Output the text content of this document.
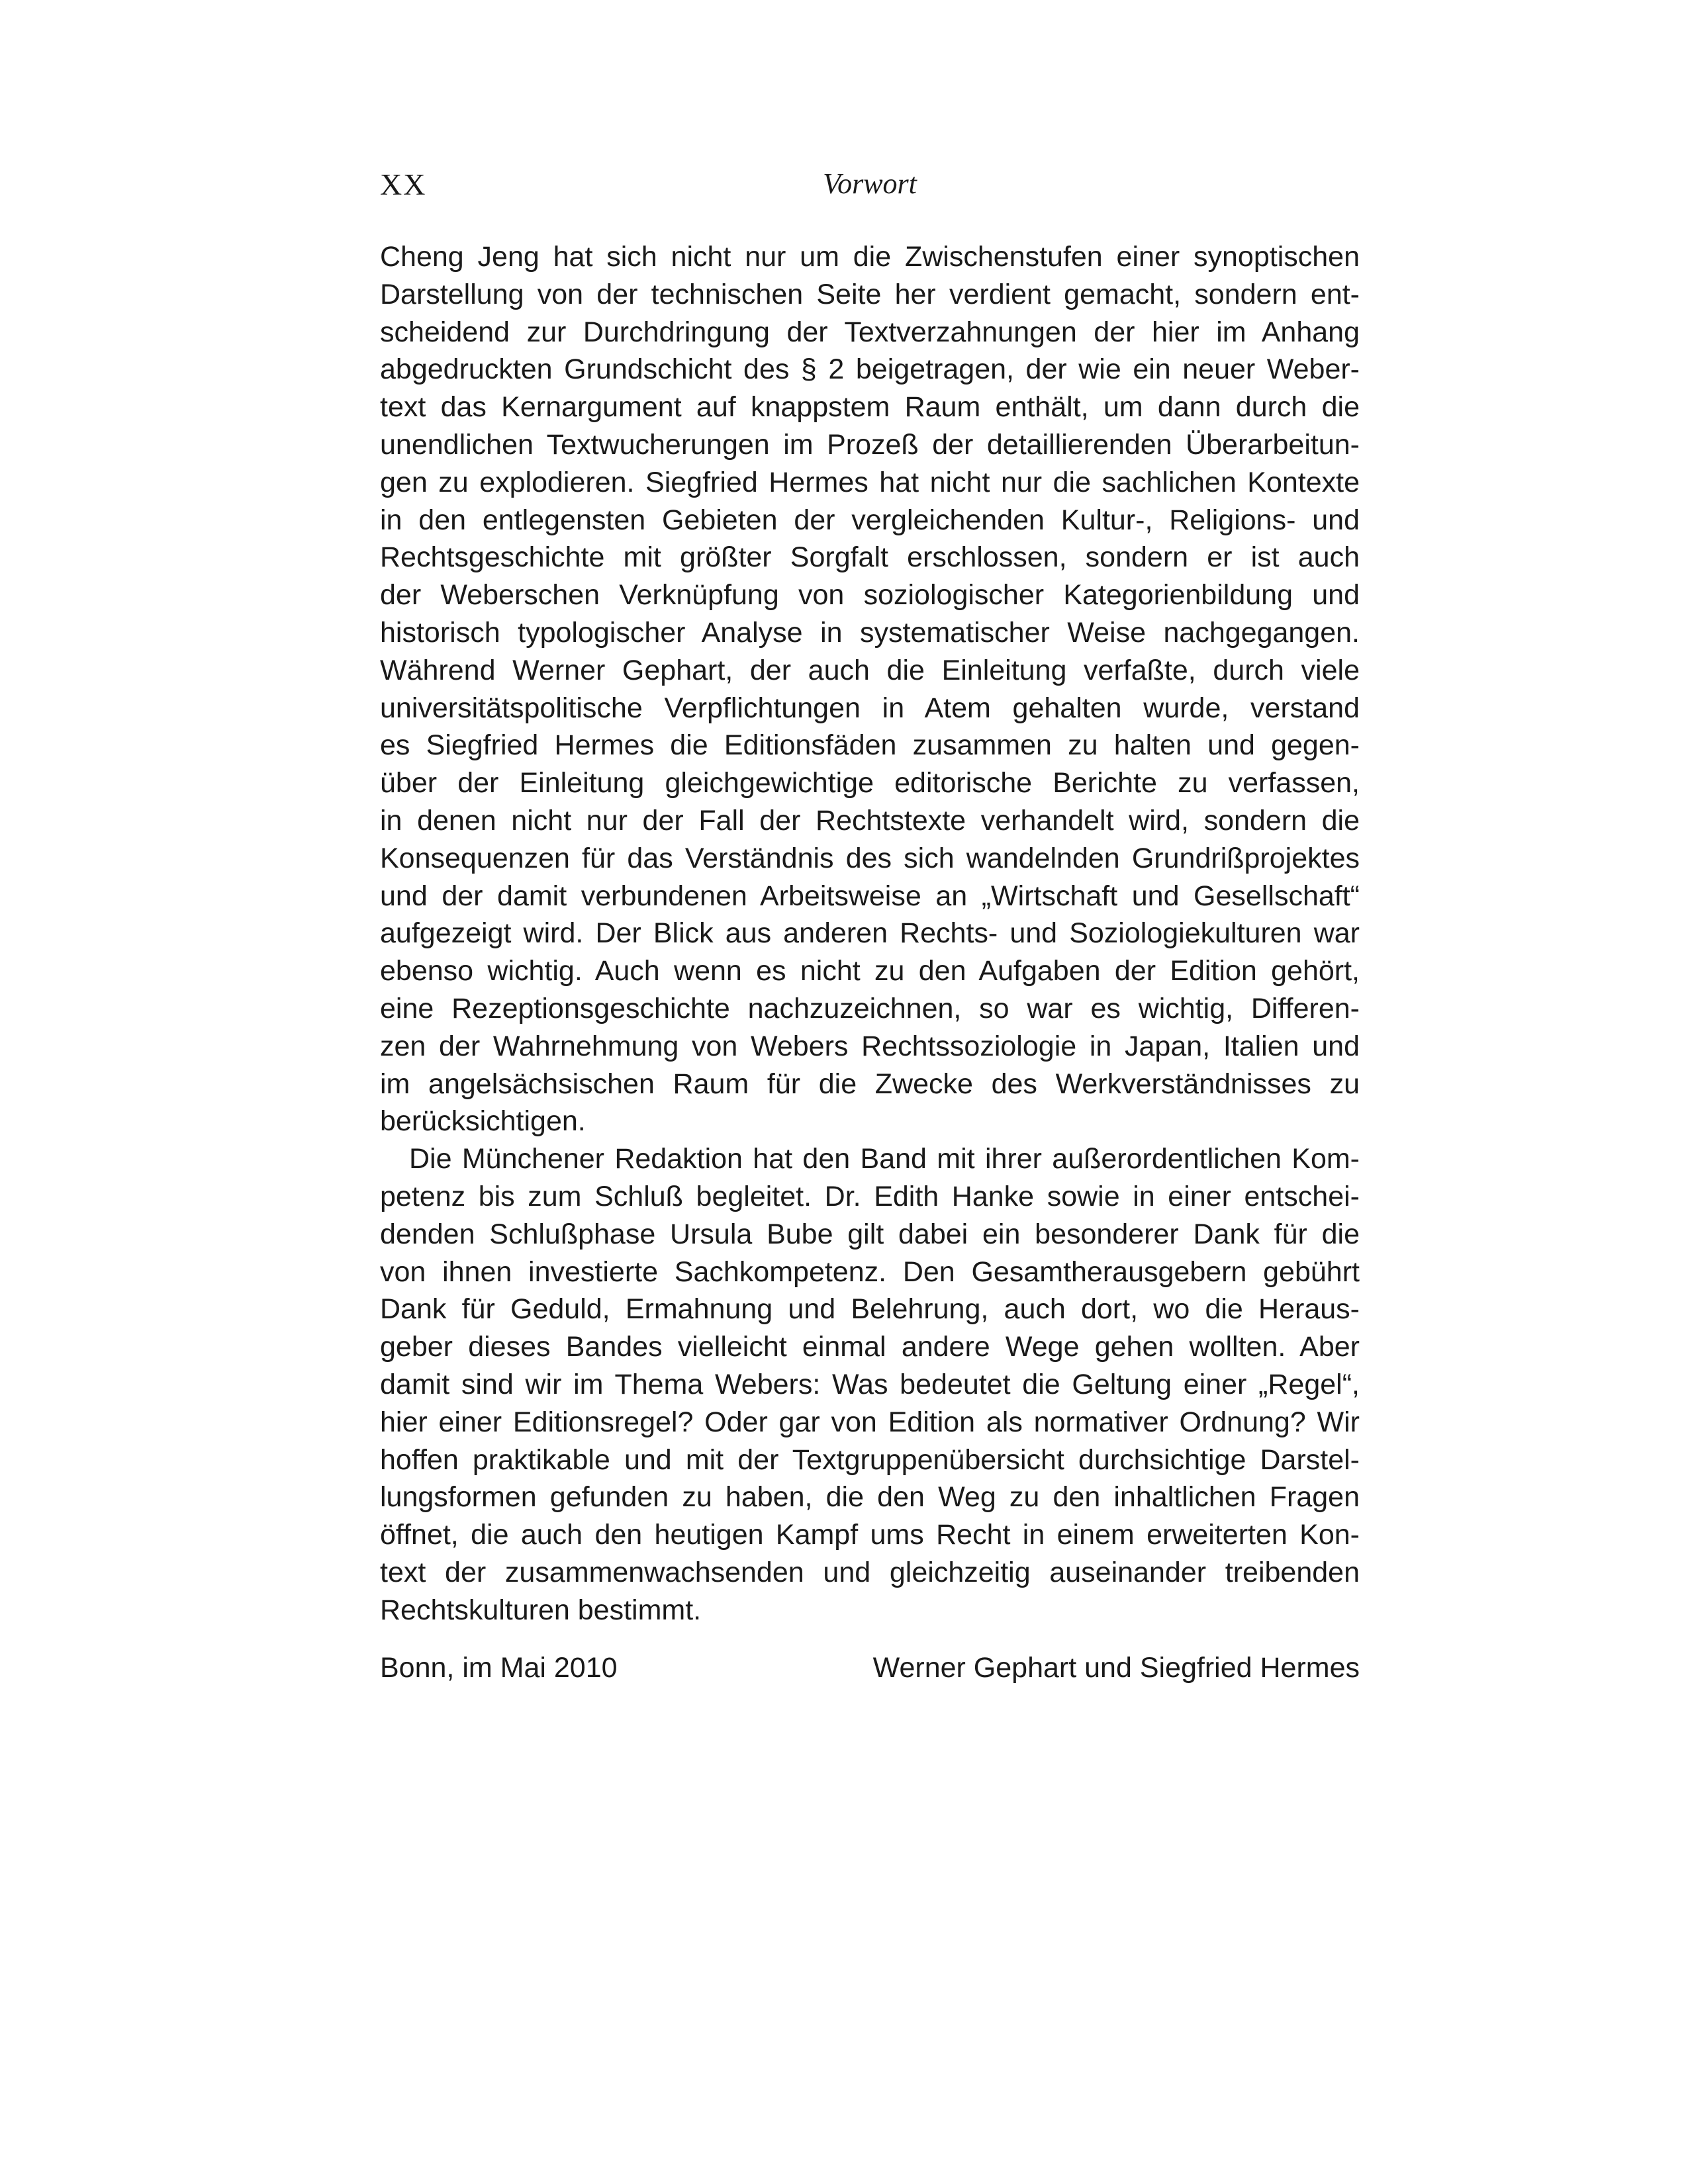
XX	Vorwort
Cheng Jeng hat sich nicht nur um die Zwischenstufen einer synoptischen
Darstellung von der technischen Seite her verdient gemacht, sondern ent-
scheidend zur Durchdringung der Textverzahnungen der hier im Anhang
abgedruckten Grundschicht des § 2 beigetragen, der wie ein neuer Weber-
text das Kernargument auf knappstem Raum enthält, um dann durch die
unendlichen Textwucherungen im Prozeß der detaillierenden Überarbeitun-
gen zu explodieren. Siegfried Hermes hat nicht nur die sachlichen Kontexte
in den entlegensten Gebieten der vergleichenden Kultur-, Religions- und
Rechtsgeschichte mit größter Sorgfalt erschlossen, sondern er ist auch
der Weberschen Verknüpfung von soziologischer Kategorienbildung und
historisch typologischer Analyse in systematischer Weise nachgegangen.
Während Werner Gephart, der auch die Einleitung verfaßte, durch viele
universitätspolitische Verpflichtungen in Atem gehalten wurde, verstand
es Siegfried Hermes die Editionsfäden zusammen zu halten und gegen-
über der Einleitung gleichgewichtige editorische Berichte zu verfassen,
in denen nicht nur der Fall der Rechtstexte verhandelt wird, sondern die
Konsequenzen für das Verständnis des sich wandelnden Grundrißprojektes
und der damit verbundenen Arbeitsweise an „Wirtschaft und Gesellschaft“
aufgezeigt wird. Der Blick aus anderen Rechts- und Soziologiekulturen war
ebenso wichtig. Auch wenn es nicht zu den Aufgaben der Edition gehört,
eine Rezeptionsgeschichte nachzuzeichnen, so war es wichtig, Differen-
zen der Wahrnehmung von Webers Rechtssoziologie in Japan, Italien und
im angelsächsischen Raum für die Zwecke des Werkverständnisses zu
berücksichtigen.
Die Münchener Redaktion hat den Band mit ihrer außerordentlichen Kom-
petenz bis zum Schluß begleitet. Dr. Edith Hanke sowie in einer entschei-
denden Schlußphase Ursula Bube gilt dabei ein besonderer Dank für die
von ihnen investierte Sachkompetenz. Den Gesamtherausgebern gebührt
Dank für Geduld, Ermahnung und Belehrung, auch dort, wo die Heraus-
geber dieses Bandes vielleicht einmal andere Wege gehen wollten. Aber
damit sind wir im Thema Webers: Was bedeutet die Geltung einer „Regel“,
hier einer Editionsregel? Oder gar von Edition als normativer Ordnung? Wir
hoffen praktikable und mit der Textgruppenübersicht durchsichtige Darstel-
lungsformen gefunden zu haben, die den Weg zu den inhaltlichen Fragen
öffnet, die auch den heutigen Kampf ums Recht in einem erweiterten Kon-
text der zusammenwachsenden und gleichzeitig auseinander treibenden
Rechtskulturen bestimmt.
Bonn, im Mai 2010	Werner Gephart und Siegfried Hermes
